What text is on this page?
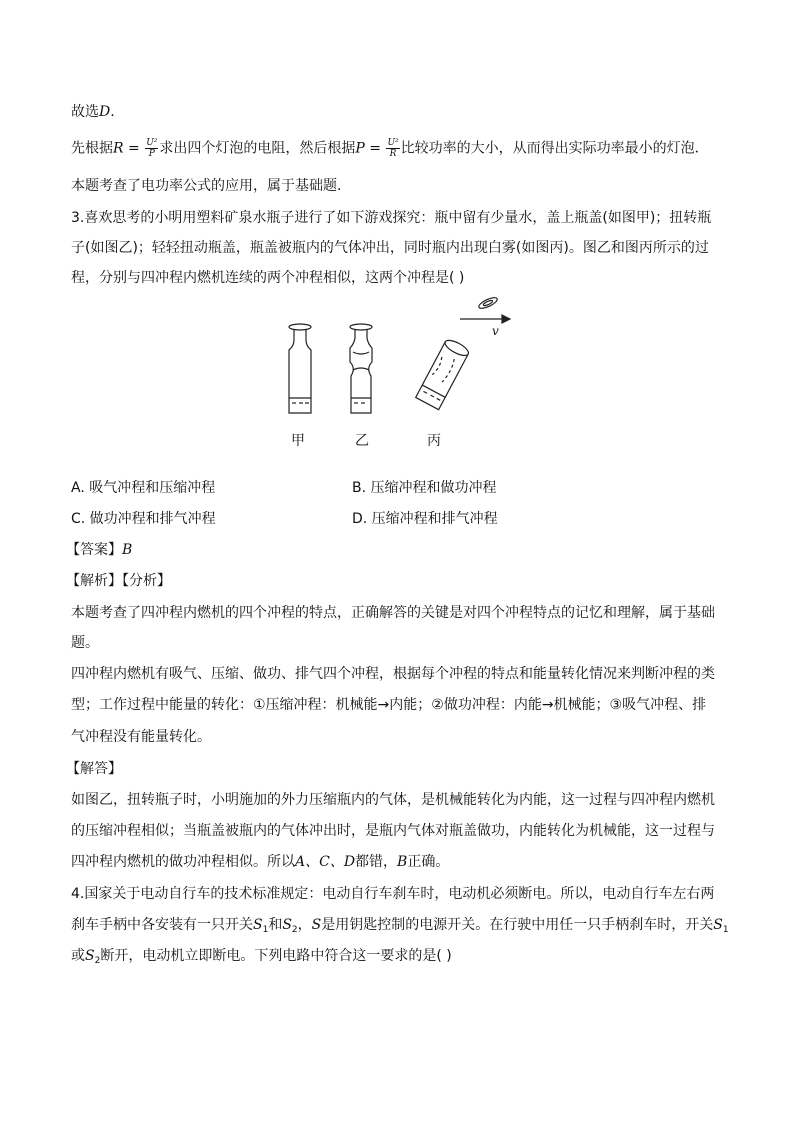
故选D.
先根据$R = \frac{\text{U²}}{P}$ 求出四个灯泡的电阻，然后根据$P = \frac{\text{U²}}{R}$ 比较功率的大小，从而得出实际功率最小的灯泡．
本题考查了电功率公式的应用，属于基础题．
3.喜欢思考的小明用塑料矿泉水瓶子进行了如下游戏探究：瓶中留有少量水，盖上瓶盖(如图甲)；扭转瓶
子(如图乙)；轻轻扭动瓶盖，瓶盖被瓶内的气体冲出，同时瓶内出现白雾(如图丙)。图乙和图丙所示的过
程，分别与四冲程内燃机连续的两个冲程相似，这两个冲程是( )
v
甲	乙	丙
A. 吸气冲程和压缩冲程	B. 压缩冲程和做功冲程
C. 做功冲程和排气冲程	D. 压缩冲程和排气冲程
【答案】B
【解析】【分析】
本题考查了四冲程内燃机的四个冲程的特点，正确解答的关键是对四个冲程特点的记忆和理解，属于基础
题。
四冲程内燃机有吸气、压缩、做功、排气四个冲程，根据每个冲程的特点和能量转化情况来判断冲程的类
型；工作过程中能量的转化：①压缩冲程：机械能→内能；②做功冲程：内能→机械能；③吸气冲程、排
气冲程没有能量转化。
【解答】
如图乙，扭转瓶子时，小明施加的外力压缩瓶内的气体，是机械能转化为内能，这一过程与四冲程内燃机
的压缩冲程相似；当瓶盖被瓶内的气体冲出时，是瓶内气体对瓶盖做功，内能转化为机械能，这一过程与
四冲程内燃机的做功冲程相似。所以A、C、D都错，B正确。
4.国家关于电动自行车的技术标准规定：电动自行车刹车时，电动机必须断电。所以，电动自行车左右两
刹车手柄中各安装有一只开关$S_1$和$S_2$，S是用钥匙控制的电源开关。在行驶中用任一只手柄刹车时，开关$S_1$
或$S_2$断开，电动机立即断电。下列电路中符合这一要求的是( )
